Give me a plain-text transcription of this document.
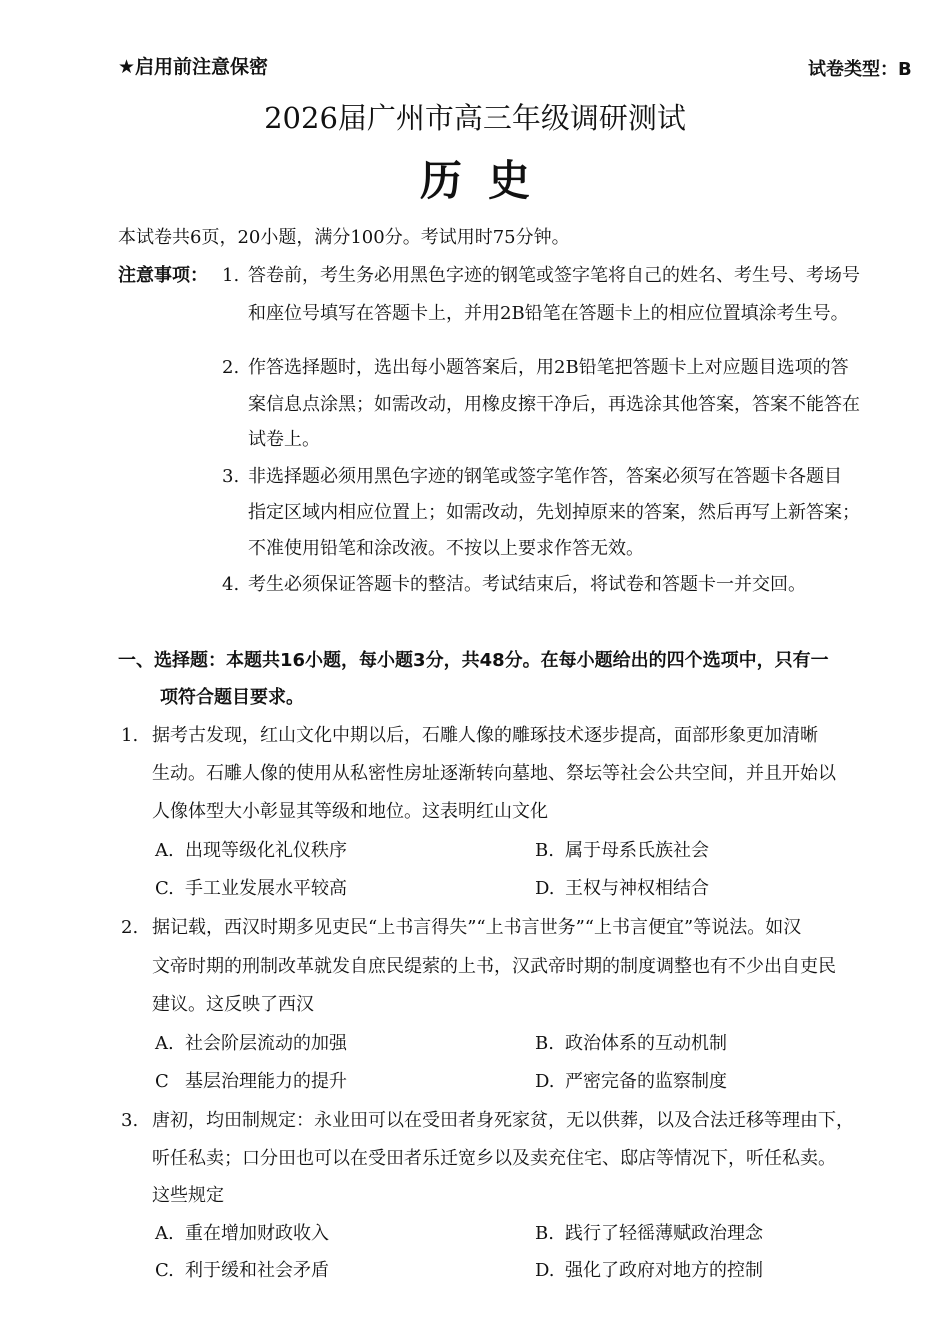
★启用前注意保密	试卷类型：B
2026届广州市高三年级调研测试
历史
本试卷共6页，20小题，满分100分。考试用时75分钟。
注意事项： 1. 答卷前，考生务必用黑色字迹的钢笔或签字笔将自己的姓名、考生号、考场号
和座位号填写在答题卡上，并用2B铅笔在答题卡上的相应位置填涂考生号。
2. 作答选择题时，选出每小题答案后，用2B铅笔把答题卡上对应题目选项的答
案信息点涂黑；如需改动，用橡皮擦干净后，再选涂其他答案，答案不能答在
试卷上。
3. 非选择题必须用黑色字迹的钢笔或签字笔作答，答案必须写在答题卡各题目
指定区域内相应位置上；如需改动，先划掉原来的答案，然后再写上新答案；
不准使用铅笔和涂改液。不按以上要求作答无效。
4. 考生必须保证答题卡的整洁。考试结束后，将试卷和答题卡一并交回。
一、选择题：本题共16小题，每小题3分，共48分。在每小题给出的四个选项中，只有一
项符合题目要求。
1. 据考古发现，红山文化中期以后，石雕人像的雕琢技术逐步提高，面部形象更加清晰
生动。石雕人像的使用从私密性房址逐渐转向墓地、祭坛等社会公共空间，并且开始以
人像体型大小彰显其等级和地位。这表明红山文化
A. 出现等级化礼仪秩序	B. 属于母系氏族社会
C. 手工业发展水平较高	D. 王权与神权相结合
2. 据记载，西汉时期多见吏民“上书言得失”“上书言世务”“上书言便宜”等说法。如汉
文帝时期的刑制改革就发自庶民缇萦的上书，汉武帝时期的制度调整也有不少出自吏民
建议。这反映了西汉
A. 社会阶层流动的加强	B. 政治体系的互动机制
C 基层治理能力的提升	D. 严密完备的监察制度
3. 唐初，均田制规定：永业田可以在受田者身死家贫，无以供葬，以及合法迁移等理由下，
听任私卖；口分田也可以在受田者乐迁宽乡以及卖充住宅、邸店等情况下，听任私卖。
这些规定
A. 重在增加财政收入	B. 践行了轻徭薄赋政治理念
C. 利于缓和社会矛盾	D. 强化了政府对地方的控制
